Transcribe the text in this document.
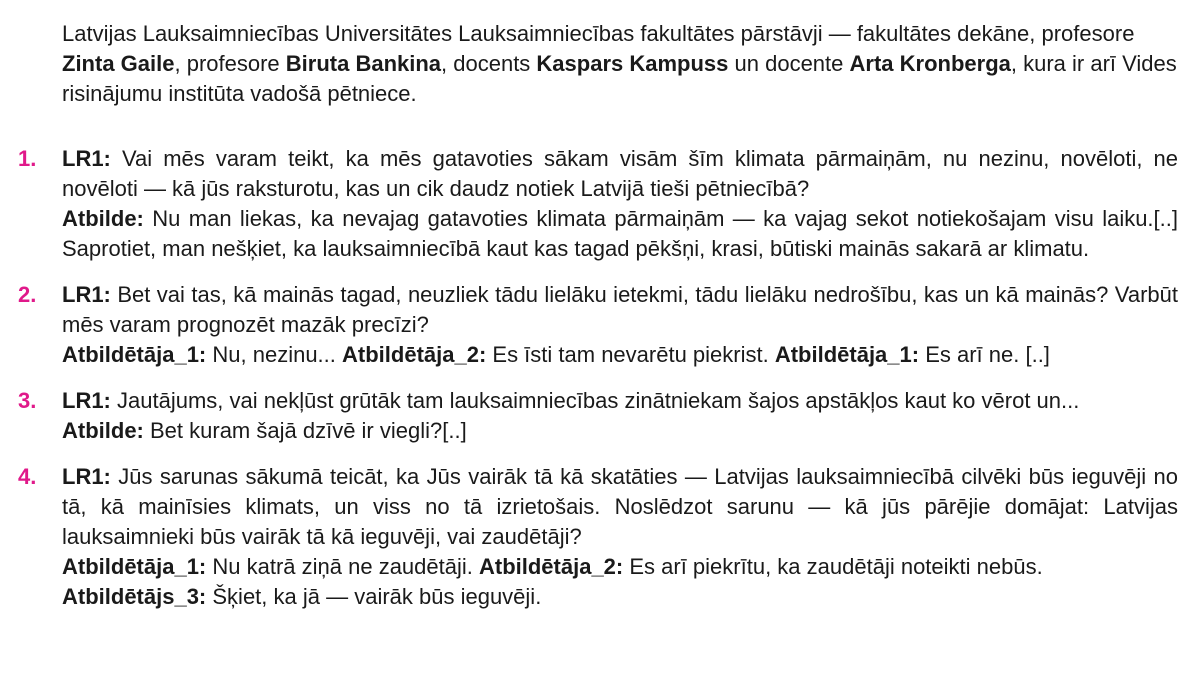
Latvijas Lauksaimniecības Universitātes Lauksaimniecības fakultātes pārstāvji — fakultātes dekāne, profesore Zinta Gaile, profesore Biruta Bankina, docents Kaspars Kampuss un docente Arta Kronberga, kura ir arī Vides risinājumu institūta vadošā pētniece.

1. LR1: Vai mēs varam teikt, ka mēs gatavoties sākam visām šīm klimata pārmaiņām, nu nezinu, novēloti, ne novēloti — kā jūs raksturotu, kas un cik daudz notiek Latvijā tieši pētniecībā?

Atbilde: Nu man liekas, ka nevajag gatavoties klimata pārmaiņām — ka vajag sekot notiekošajam visu laiku.[..] Saprotiet, man nešķiet, ka lauksaimniecībā kaut kas tagad pēkšņi, krasi, būtiski mainās sakarā ar klimatu.

2. LR1: Bet vai tas, kā mainās tagad, neuzliek tādu lielāku ietekmi, tādu lielāku nedrošību, kas un kā mainās? Varbūt mēs varam prognozēt mazāk precīzi?

Atbildētāja_1: Nu, nezinu... Atbildētāja_2: Es īsti tam nevarētu piekrist. Atbildētāja_1: Es arī ne. [..]

3. LR1: Jautājums, vai nekļūst grūtāk tam lauksaimniecības zinātniekam šajos apstākļos kaut ko vērot un...

Atbilde: Bet kuram šajā dzīvē ir viegli?[..]

4. LR1: Jūs sarunas sākumā teicāt, ka Jūs vairāk tā kā skatāties — Latvijas lauksaimniecībā cilvēki būs ieguvēji no tā, kā mainīsies klimats, un viss no tā izrietošais. Noslēdzot sarunu — kā jūs pārējie domājat: Latvijas lauksaimnieki būs vairāk tā kā ieguvēji, vai zaudētāji?

Atbildētāja_1: Nu katrā ziņā ne zaudētāji. Atbildētāja_2: Es arī piekrītu, ka zaudētāji noteikti nebūs.

Atbildētājs_3: Šķiet, ka jā — vairāk būs ieguvēji.
